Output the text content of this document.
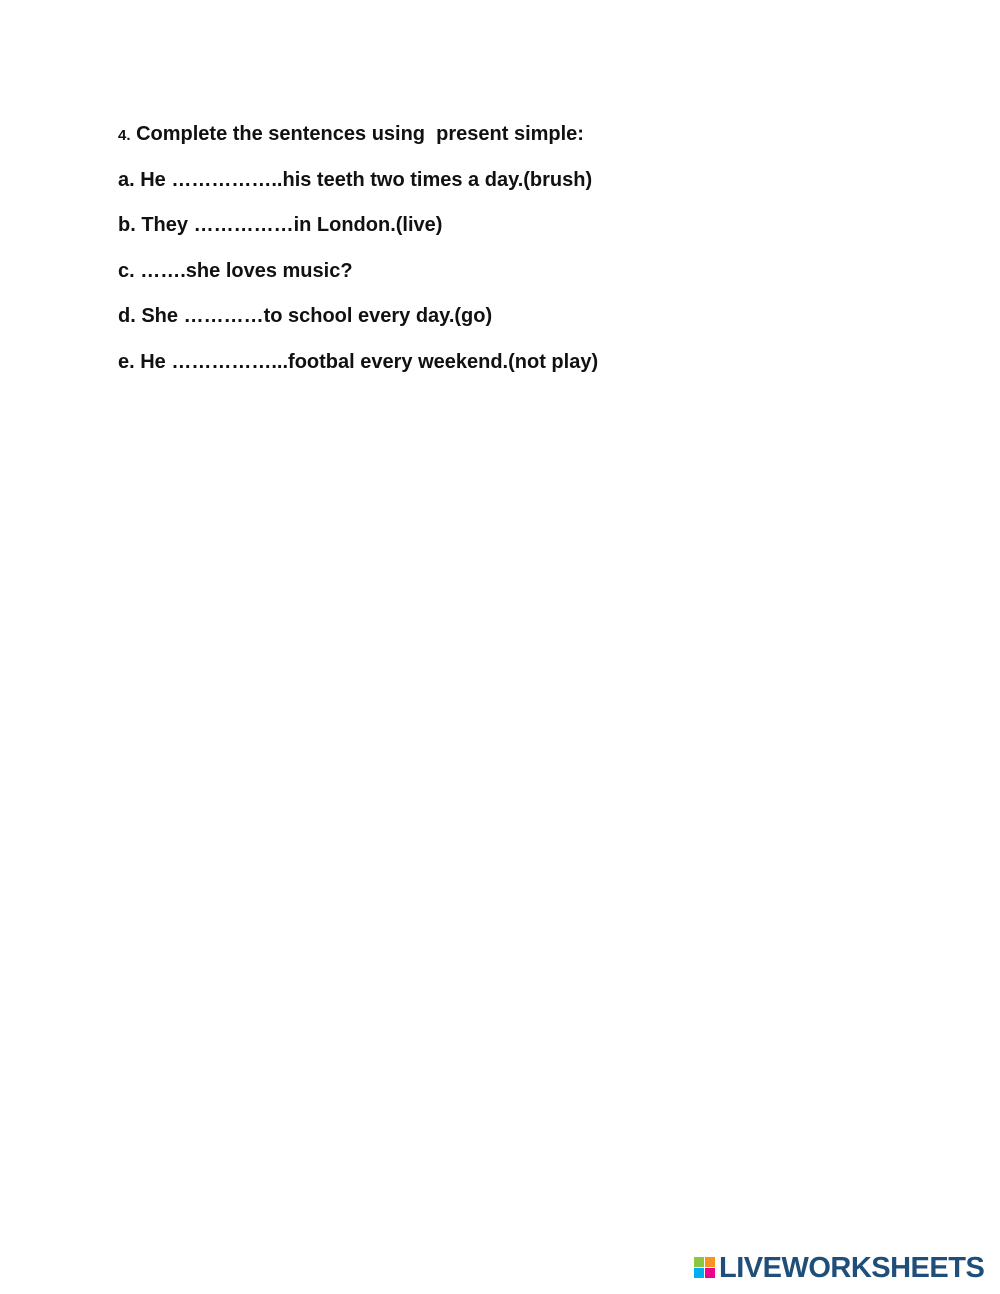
4. Complete the sentences using  present simple:
a. He ……………..his teeth two times a day.(brush)
b. They ……………in London.(live)
c. …….she loves music?
d. She …………to school every day.(go)
e. He ……………...footbal every weekend.(not play)
LIVEWORKSHEETS
